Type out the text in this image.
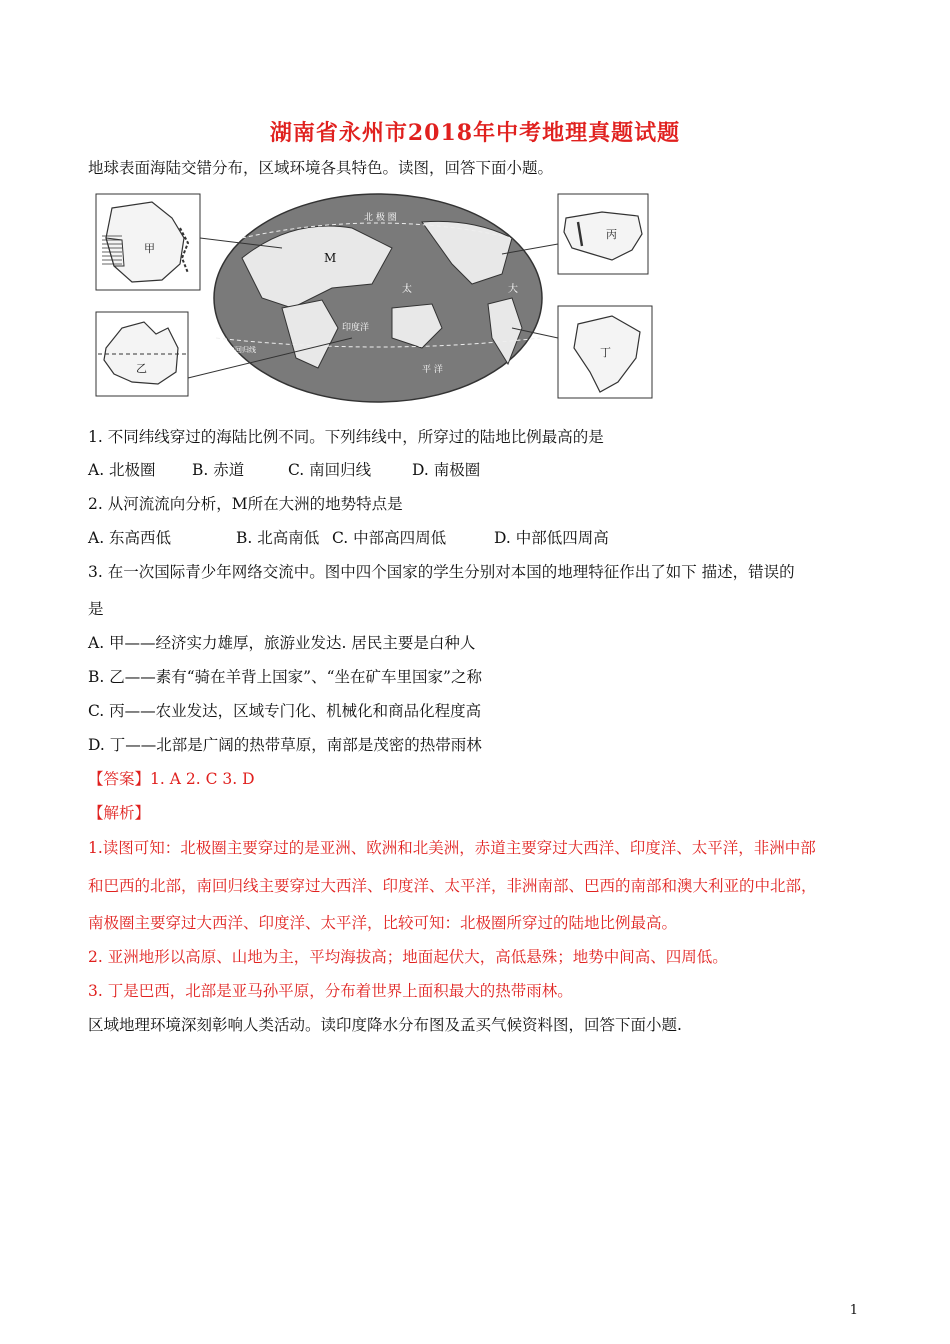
湖南省永州市2018年中考地理真题试题
地球表面海陆交错分布，区域环境各具特色。读图，回答下面小题。
甲
乙
北 极 圈
M
太
印度洋
平 洋
大
南回归线
丙
丁
1. 不同纬线穿过的海陆比例不同。下列纬线中，所穿过的陆地比例最高的是
A. 北极圈 B. 赤道	C. 南回归线	D. 南极圈
2. 从河流流向分析，M所在大洲的地势特点是
A. 东高西低	B. 北高南低 C. 中部高四周低	D. 中部低四周高
3. 在一次国际青少年网络交流中。图中四个国家的学生分别对本国的地理特征作出了如下 描述，错误的
是
A. 甲——经济实力雄厚，旅游业发达. 居民主要是白种人
B. 乙——素有“骑在羊背上国家”、“坐在矿车里国家”之称
C. 丙——农业发达，区域专门化、机械化和商品化程度高
D. 丁——北部是广阔的热带草原，南部是茂密的热帯雨林
【答案】1. A 2. C 3. D
【解析】
1.读图可知：北极圈主要穿过的是亚洲、欧洲和北美洲，赤道主要穿过大西洋、印度洋、太平洋，非洲中部
和巴西的北部，南回归线主要穿过大西洋、印度洋、太平洋，非洲南部、巴西的南部和澳大利亚的中北部，
南极圈主要穿过大西洋、印度洋、太平洋，比较可知：北极圈所穿过的陆地比例最高。
2. 亚洲地形以高原、山地为主，平均海拔高；地面起伏大，高低悬殊；地势中间高、四周低。
3. 丁是巴西，北部是亚马孙平原，分布着世界上面积最大的热带雨林。
区域地理环境深刻彰响人类活动。读印度降水分布图及孟买气候资料图，回答下面小题.
1
